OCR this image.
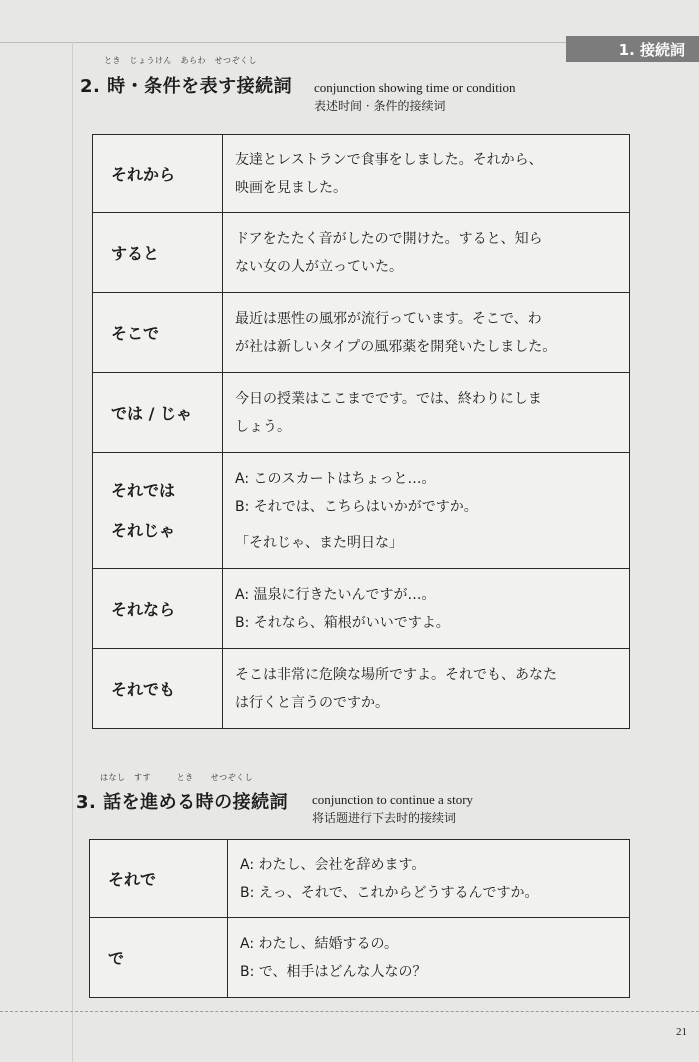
1. 接続詞
とき　じょうけん　あらわ　せつぞくし
2. 時・条件を表す接続詞 conjunction showing time or condition
表述时间 · 条件的接续词
それから	友達とレストランで食事をしました。それから、
映画を見ました。

すると	ドアをたたく音がしたので開けた。すると、知ら
ない女の人が立っていた。

そこで	最近は悪性の風邪が流行っています。そこで、わ
が社は新しいタイプの風邪薬を開発いたしました。

では / じゃ	今日の授業はここまでです。では、終わりにしま
しょう。

それでは
それじゃ	A: このスカートはちょっと…。
B: それでは、こちらはいかがですか。
「それじゃ、また明日な」

それなら	A: 温泉に行きたいんですが…。
B: それなら、箱根がいいですよ。

それでも	そこは非常に危険な場所ですよ。それでも、あなた
は行くと言うのですか。
はなし　すす　　　とき　　せつぞくし
3. 話を進める時の接続詞 conjunction to continue a story
将话题进行下去时的接续词
それで	A: わたし、会社を辞めます。
B: えっ、それで、これからどうするんですか。

で	A: わたし、結婚するの。
B: で、相手はどんな人なの？
21
